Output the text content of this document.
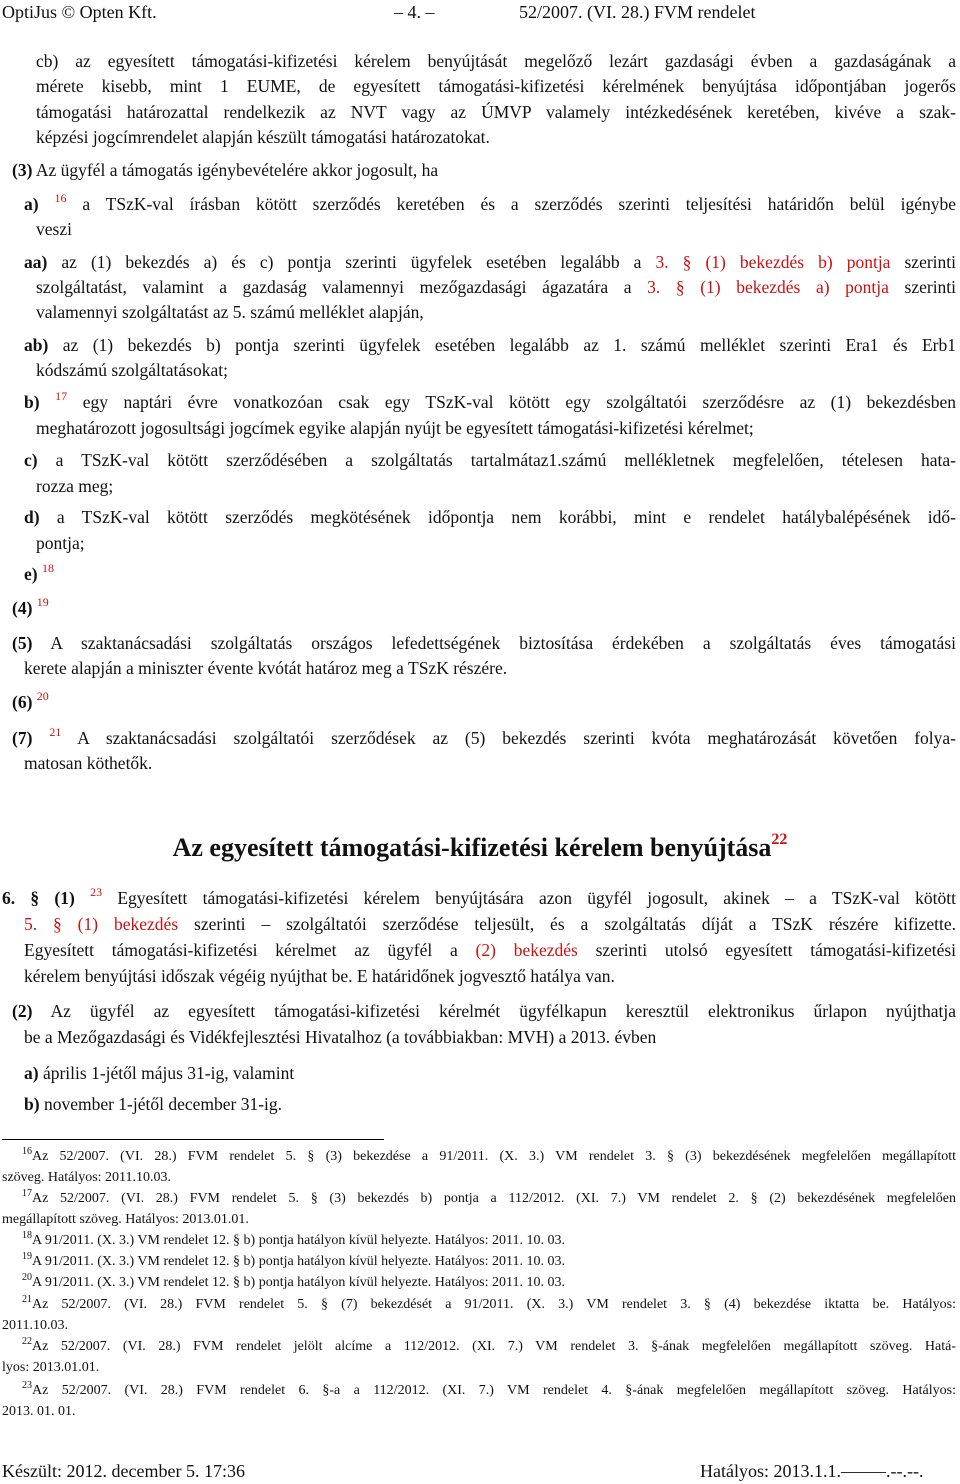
OptiJus © Opten Kft.	– 4. –	52/2007. (VI. 28.) FVM rendelet
cb) az egyesített támogatási-kifizetési kérelem benyújtását megelőző lezárt gazdasági évben a gazdaságának a
mérete kisebb, mint 1 EUME, de egyesített támogatási-kifizetési kérelmének benyújtása időpontjában jogerős
támogatási határozattal rendelkezik az NVT vagy az ÚMVP valamely intézkedésének keretében, kivéve a szak-
képzési jogcímrendelet alapján készült támogatási határozatokat.
(3) Az ügyfél a támogatás igénybevételére akkor jogosult, ha
a) $^{16}$ a TSzK-val írásban kötött szerződés keretében és a szerződés szerinti teljesítési határidőn belül igénybe
veszi
aa) az (1) bekezdés a) és c) pontja szerinti ügyfelek esetében legalább a 3. § (1) bekezdés b) pontja szerinti
szolgáltatást, valamint a gazdaság valamennyi mezőgazdasági ágazatára a 3. § (1) bekezdés a) pontja szerinti
valamennyi szolgáltatást az 5. számú melléklet alapján,
ab) az (1) bekezdés b) pontja szerinti ügyfelek esetében legalább az 1. számú melléklet szerinti Era1 és Erb1
kódszámú szolgáltatásokat;
b) $^{17}$ egy naptári évre vonatkozóan csak egy TSzK-val kötött egy szolgáltatói szerződésre az (1) bekezdésben
meghatározott jogosultsági jogcímek egyike alapján nyújt be egyesített támogatási-kifizetési kérelmet;
c) a TSzK-val kötött szerződésében a szolgáltatás tartalmátaz1.számú mellékletnek megfelelően, tételesen hata-
rozza meg;
d) a TSzK-val kötött szerződés megkötésének időpontja nem korábbi, mint e rendelet hatálybalépésének idő-
pontja;
e) $^{18}$
(4) $^{19}$
(5) A szaktanácsadási szolgáltatás országos lefedettségének biztosítása érdekében a szolgáltatás éves támogatási
kerete alapján a miniszter évente kvótát határoz meg a TSzK részére.
(6) $^{20}$
(7) $^{21}$ A szaktanácsadási szolgáltatói szerződések az (5) bekezdés szerinti kvóta meghatározását követően folya-
matosan köthetők.
Az egyesített támogatási-kifizetési kérelem benyújtása$^{22}$
6. § (1) $^{23}$ Egyesített támogatási-kifizetési kérelem benyújtására azon ügyfél jogosult, akinek – a TSzK-val kötött
5. § (1) bekezdés szerinti – szolgáltatói szerződése teljesült, és a szolgáltatás díját a TSzK részére kifizette.
Egyesített támogatási-kifizetési kérelmet az ügyfél a (2) bekezdés szerinti utolsó egyesített támogatási-kifizetési
kérelem benyújtási időszak végéig nyújthat be. E határidőnek jogvesztő hatálya van.
(2) Az ügyfél az egyesített támogatási-kifizetési kérelmét ügyfélkapun keresztül elektronikus űrlapon nyújthatja
be a Mezőgazdasági és Vidékfejlesztési Hivatalhoz (a továbbiakban: MVH) a 2013. évben
a) április 1-jétől május 31-ig, valamint
b) november 1-jétől december 31-ig.
$^{16}$Az 52/2007. (VI. 28.) FVM rendelet 5. § (3) bekezdése a 91/2011. (X. 3.) VM rendelet 3. § (3) bekezdésének megfelelően megállapított
szöveg. Hatályos: 2011.10.03.
$^{17}$Az 52/2007. (VI. 28.) FVM rendelet 5. § (3) bekezdés b) pontja a 112/2012. (XI. 7.) VM rendelet 2. § (2) bekezdésének megfelelően
megállapított szöveg. Hatályos: 2013.01.01.
$^{18}$A 91/2011. (X. 3.) VM rendelet 12. § b) pontja hatályon kívül helyezte. Hatályos: 2011. 10. 03.
$^{19}$A 91/2011. (X. 3.) VM rendelet 12. § b) pontja hatályon kívül helyezte. Hatályos: 2011. 10. 03.
$^{20}$A 91/2011. (X. 3.) VM rendelet 12. § b) pontja hatályon kívül helyezte. Hatályos: 2011. 10. 03.
$^{21}$Az 52/2007. (VI. 28.) FVM rendelet 5. § (7) bekezdését a 91/2011. (X. 3.) VM rendelet 3. § (4) bekezdése iktatta be. Hatályos:
2011.10.03.
$^{22}$Az 52/2007. (VI. 28.) FVM rendelet jelölt alcíme a 112/2012. (XI. 7.) VM rendelet 3. §-ának megfelelően megállapított szöveg. Hatá-
lyos: 2013.01.01.
$^{23}$Az 52/2007. (VI. 28.) FVM rendelet 6. §-a a 112/2012. (XI. 7.) VM rendelet 4. §-ának megfelelően megállapított szöveg. Hatályos:
2013. 01. 01.
Készült: 2012. december 5. 17:36	Hatályos: 2013.1.1.–––––.--.--.
